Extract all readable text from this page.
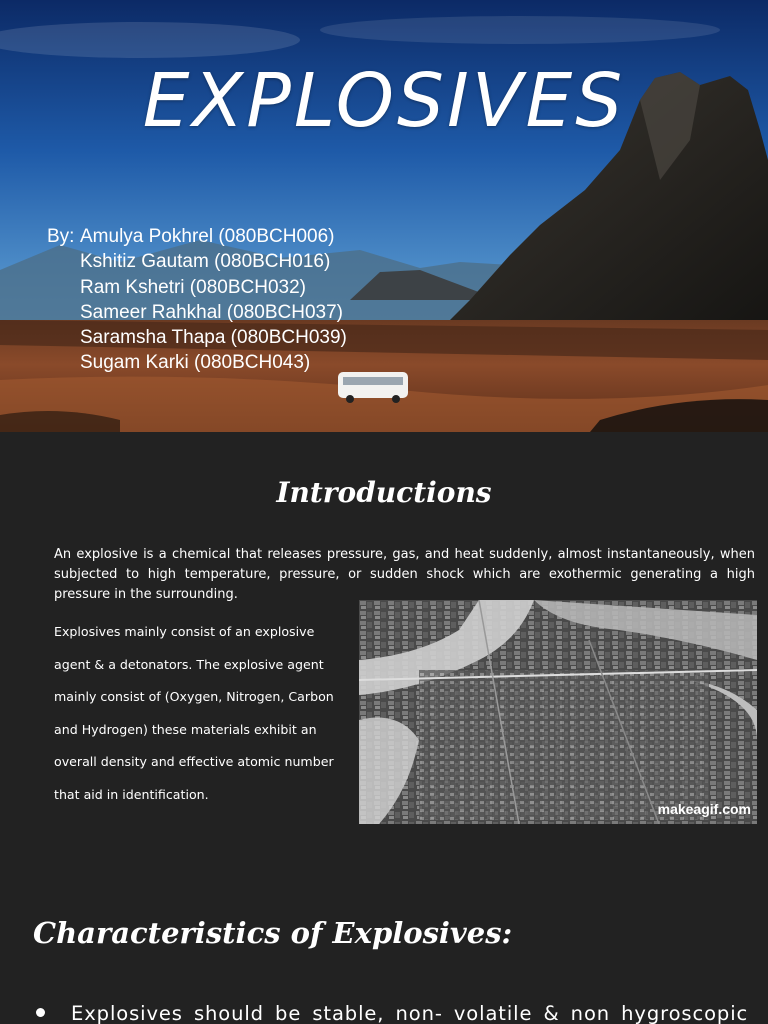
EXPLOSIVES
By: Amulya Pokhrel (080BCH006)
Kshitiz Gautam (080BCH016)
Ram Kshetri (080BCH032)
Sameer Rahkhal (080BCH037)
Saramsha Thapa (080BCH039)
Sugam Karki (080BCH043)
Introductions
An explosive is a chemical that releases pressure, gas, and heat suddenly, almost instantaneously, when subjected to high temperature, pressure, or sudden shock which are exothermic generating a high pressure in the surrounding.
Explosives mainly consist of an explosive
agent & a detonators. The explosive agent
mainly consist of (Oxygen, Nitrogen, Carbon
and Hydrogen) these materials exhibit an
overall density and effective atomic number
that aid in identification.
makeagif.com
Characteristics of Explosives:
Explosives should be stable, non- volatile & non hygroscopic
